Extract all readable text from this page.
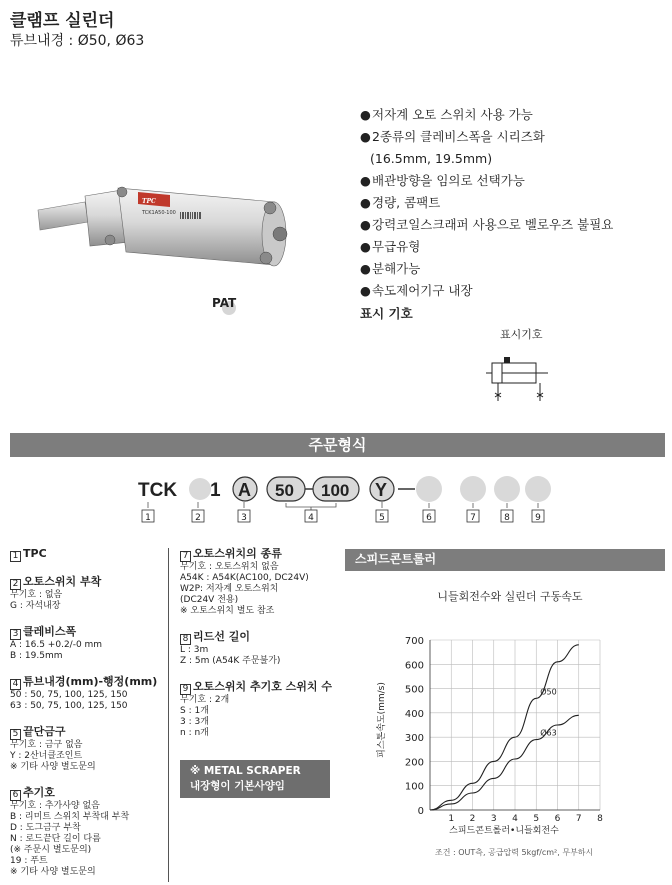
클램프 실린더
튜브내경 : Ø50, Ø63
TPC
TCK1A50-100
PAT
●저자계 오토 스위치 사용 가능
●2종류의 클레비스폭을 시리즈화
(16.5mm, 19.5mm)
●배관방향을 임의로 선택가능
●경량, 콤팩트
●강력코일스크래퍼 사용으로 벨로우즈 불필요
●무급유형
●분해가능
●속도제어기구 내장
표시 기호
표시기호
주문형식
TCK 1 A 50 100 Y
1	2	3	4	5	6	7	8	9
1 TPC
2 오토스위치 부착
무기호 : 없음
G : 자석내장
3 클레비스폭
A : 16.5 +0.2/-0 mm
B : 19.5mm
4 튜브내경(mm)-행정(mm)
50 : 50, 75, 100, 125, 150
63 : 50, 75, 100, 125, 150
5 끝단금구
무기호 : 금구 없음
Y : 2산너클조인트
※ 기타 사양 별도문의
6 추기호
무기호 : 추가사양 없음
B : 리미트 스위치 부착대 부착
D : 도그금구 부착
N : 로드끝단 길이 다름
(※ 주문시 별도문의)
19 : 푸트
※ 기타 사양 별도문의
7 오토스위치의 종류
무기호 : 오토스위치 없음
A54K : A54K(AC100, DC24V)
W2P: 저자계 오토스위치
(DC24V 전용)
※ 오토스위치 별도 참조
8 리드선 길이
L : 3m
Z : 5m (A54K 주문불가)
9 오토스위치 추기호 스위치 수
무기호 : 2개
S : 1개
3 : 3개
n : n개
※ METAL SCRAPER
내장형이 기본사양임
스피드콘트롤러
니들회전수와 실린더 구동속도
0
100
200
300
400
500
600
700
1 2 3 4 5 6 7 8
Ø50
Ø63
피스톤속도(mm/s)
스피드콘트롤러•니들회전수
조건 : OUT측, 공급압력 5kgf/cm², 무부하시
